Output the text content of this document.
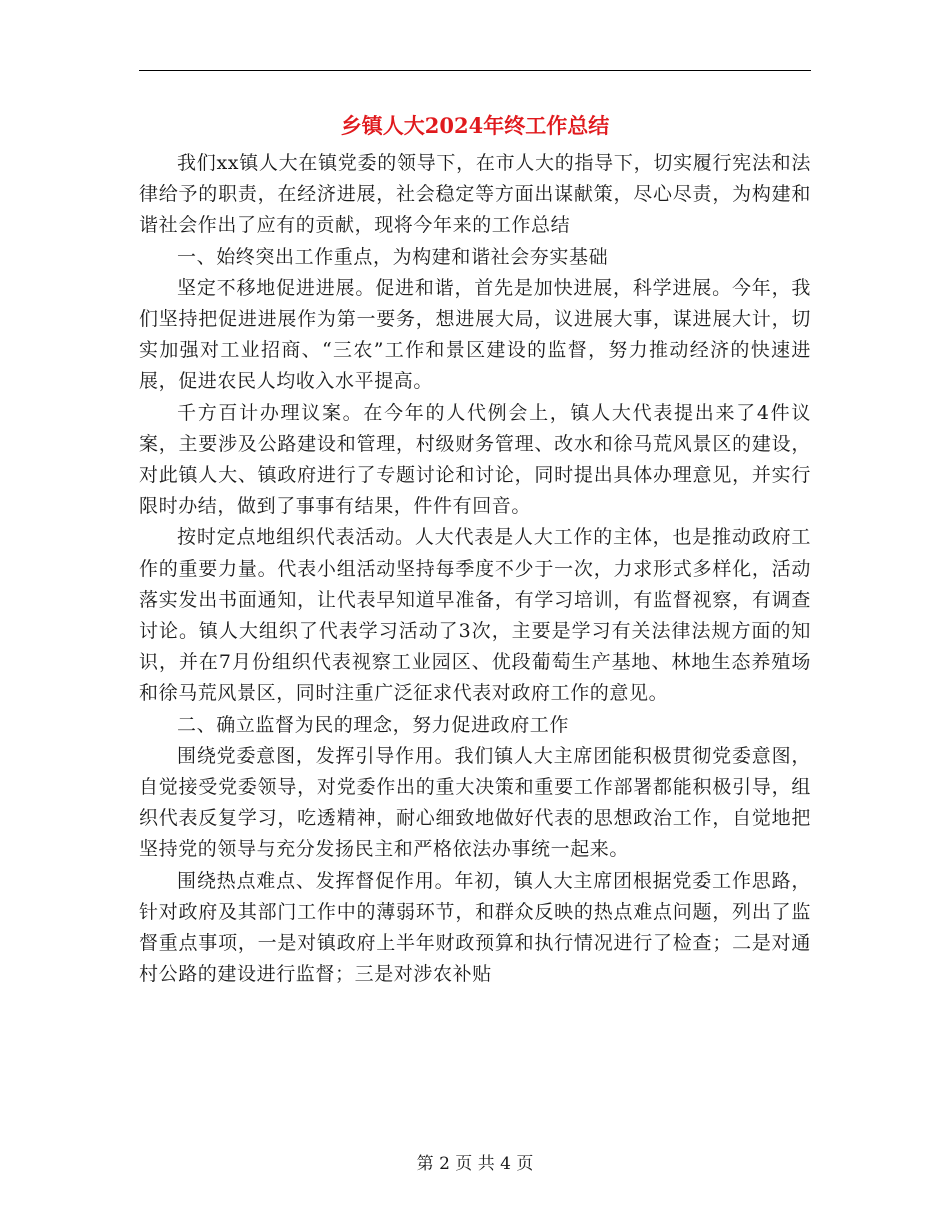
乡镇人大2024年终工作总结

我们xx镇人大在镇党委的领导下，在市人大的指导下，切实履行宪法和法律给予的职责，在经济进展，社会稳定等方面出谋献策，尽心尽责，为构建和谐社会作出了应有的贡献，现将今年来的工作总结

一、始终突出工作重点，为构建和谐社会夯实基础

坚定不移地促进进展。促进和谐，首先是加快进展，科学进展。今年，我们坚持把促进进展作为第一要务，想进展大局，议进展大事，谋进展大计，切实加强对工业招商、“三农”工作和景区建设的监督，努力推动经济的快速进展，促进农民人均收入水平提高。

千方百计办理议案。在今年的人代例会上，镇人大代表提出来了4件议案，主要涉及公路建设和管理，村级财务管理、改水和徐马荒风景区的建设，对此镇人大、镇政府进行了专题讨论和讨论，同时提出具体办理意见，并实行限时办结，做到了事事有结果，件件有回音。

按时定点地组织代表活动。人大代表是人大工作的主体，也是推动政府工作的重要力量。代表小组活动坚持每季度不少于一次，力求形式多样化，活动落实发出书面通知，让代表早知道早准备，有学习培训，有监督视察，有调查讨论。镇人大组织了代表学习活动了3次，主要是学习有关法律法规方面的知识，并在7月份组织代表视察工业园区、优段葡萄生产基地、林地生态养殖场和徐马荒风景区，同时注重广泛征求代表对政府工作的意见。

二、确立监督为民的理念，努力促进政府工作

围绕党委意图，发挥引导作用。我们镇人大主席团能积极贯彻党委意图，自觉接受党委领导，对党委作出的重大决策和重要工作部署都能积极引导，组织代表反复学习，吃透精神，耐心细致地做好代表的思想政治工作，自觉地把坚持党的领导与充分发扬民主和严格依法办事统一起来。

围绕热点难点、发挥督促作用。年初，镇人大主席团根据党委工作思路，针对政府及其部门工作中的薄弱环节，和群众反映的热点难点问题，列出了监督重点事项，一是对镇政府上半年财政预算和执行情况进行了检查；二是对通村公路的建设进行监督；三是对涉农补贴

第 2 页 共 4 页
